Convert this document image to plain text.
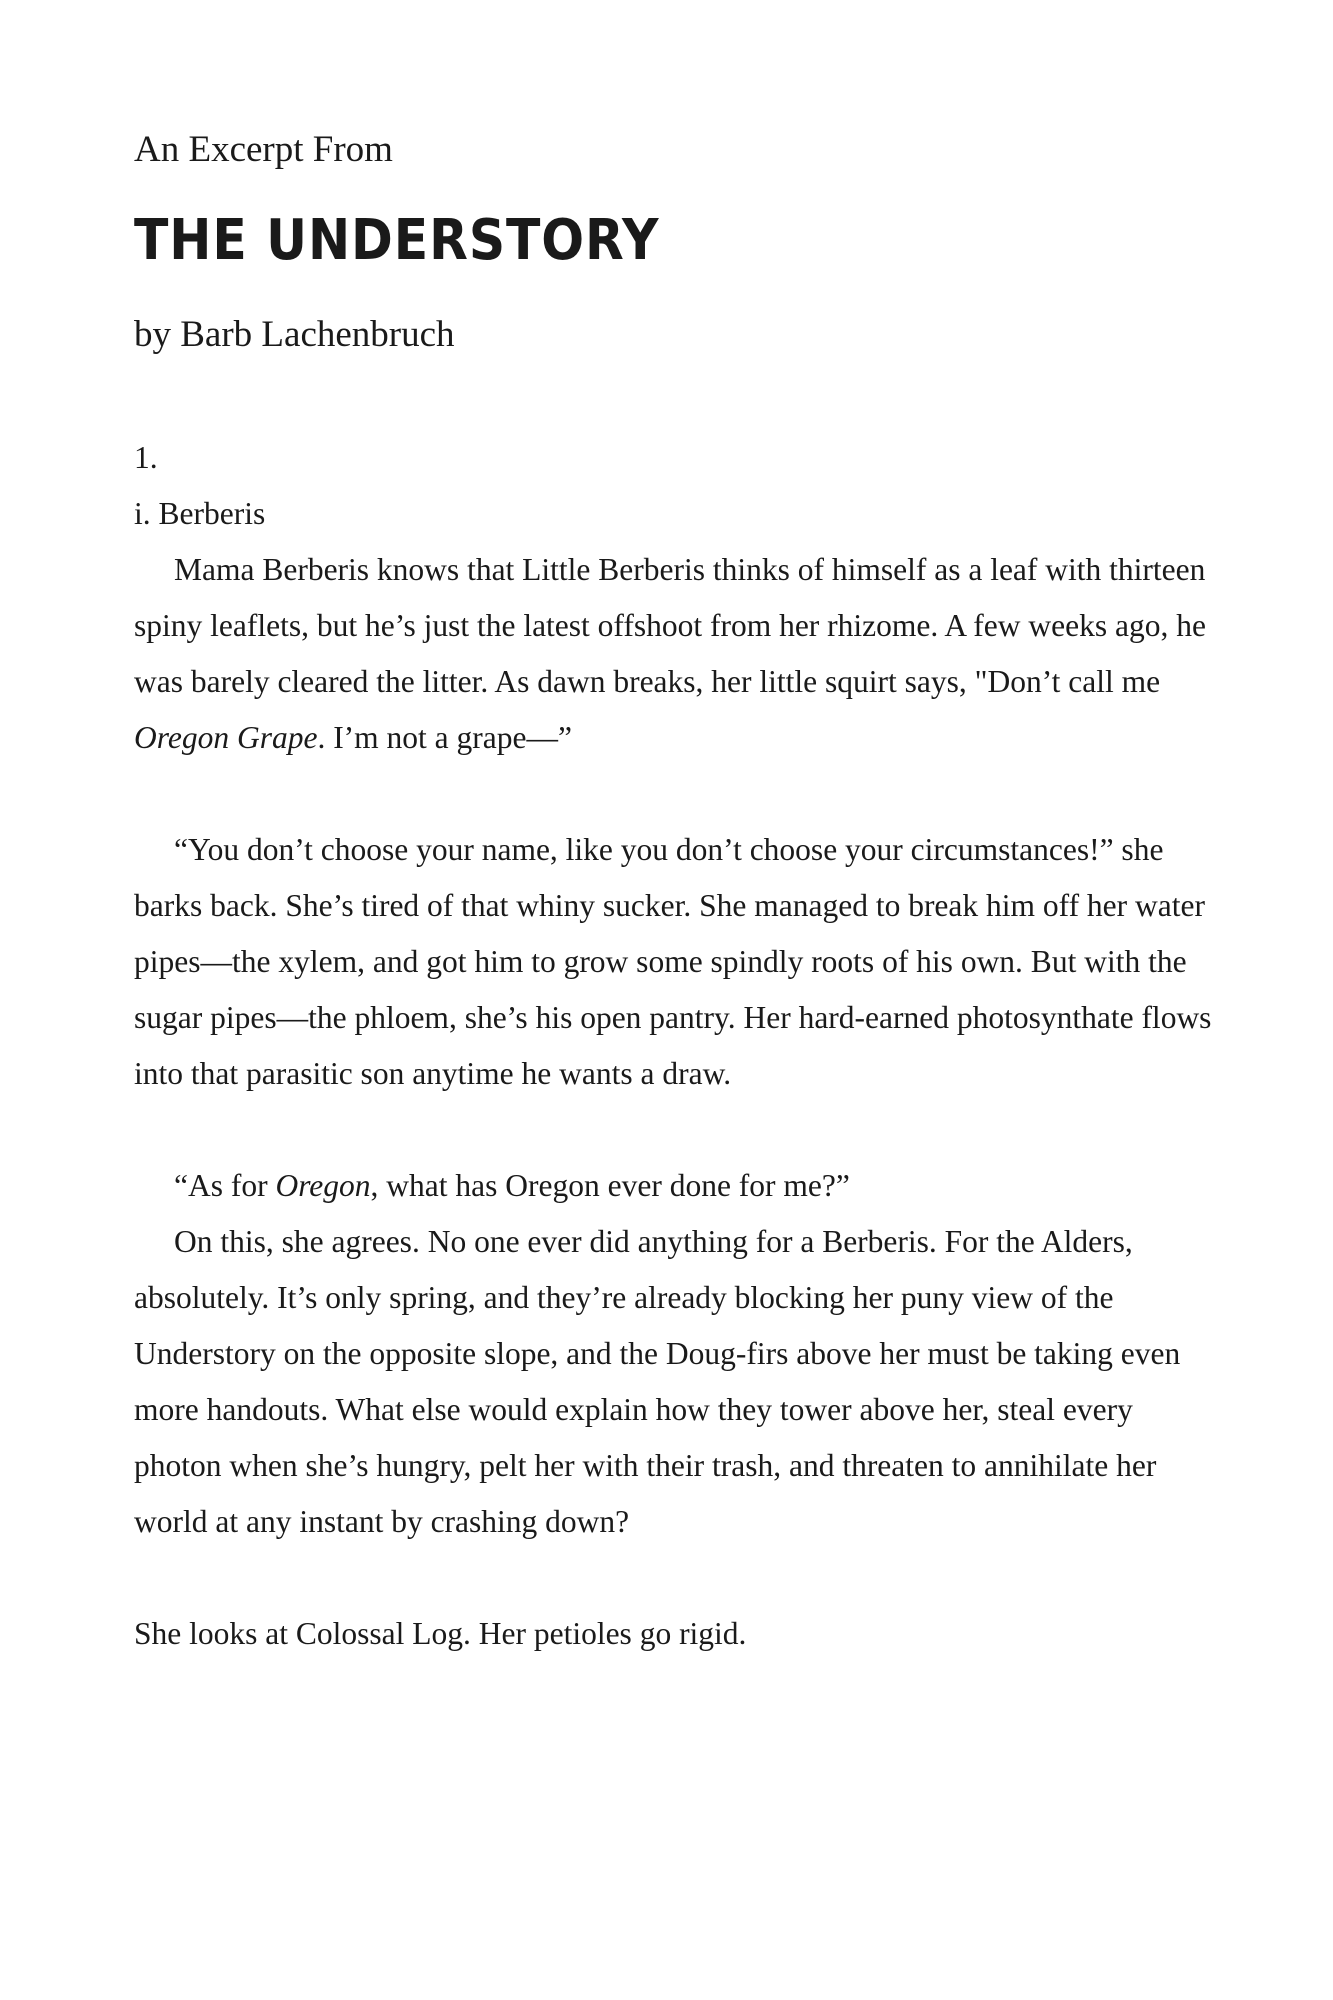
An Excerpt From
THE UNDERSTORY
by Barb Lachenbruch

1.

i. Berberis

Mama Berberis knows that Little Berberis thinks of himself as a leaf with thirteen spiny leaflets, but he’s just the latest offshoot from her rhizome. A few weeks ago, he was barely cleared the litter. As dawn breaks, her little squirt says, "Don’t call me Oregon Grape. I’m not a grape—”

“You don’t choose your name, like you don’t choose your circumstances!” she barks back. She’s tired of that whiny sucker. She managed to break him off her water pipes—the xylem, and got him to grow some spindly roots of his own. But with the sugar pipes—the phloem, she’s his open pantry. Her hard-earned photosynthate flows into that parasitic son anytime he wants a draw.

“As for Oregon, what has Oregon ever done for me?”

On this, she agrees. No one ever did anything for a Berberis. For the Alders, absolutely. It’s only spring, and they’re already blocking her puny view of the Understory on the opposite slope, and the Doug-firs above her must be taking even more handouts. What else would explain how they tower above her, steal every photon when she’s hungry, pelt her with their trash, and threaten to annihilate her world at any instant by crashing down?

She looks at Colossal Log. Her petioles go rigid.
